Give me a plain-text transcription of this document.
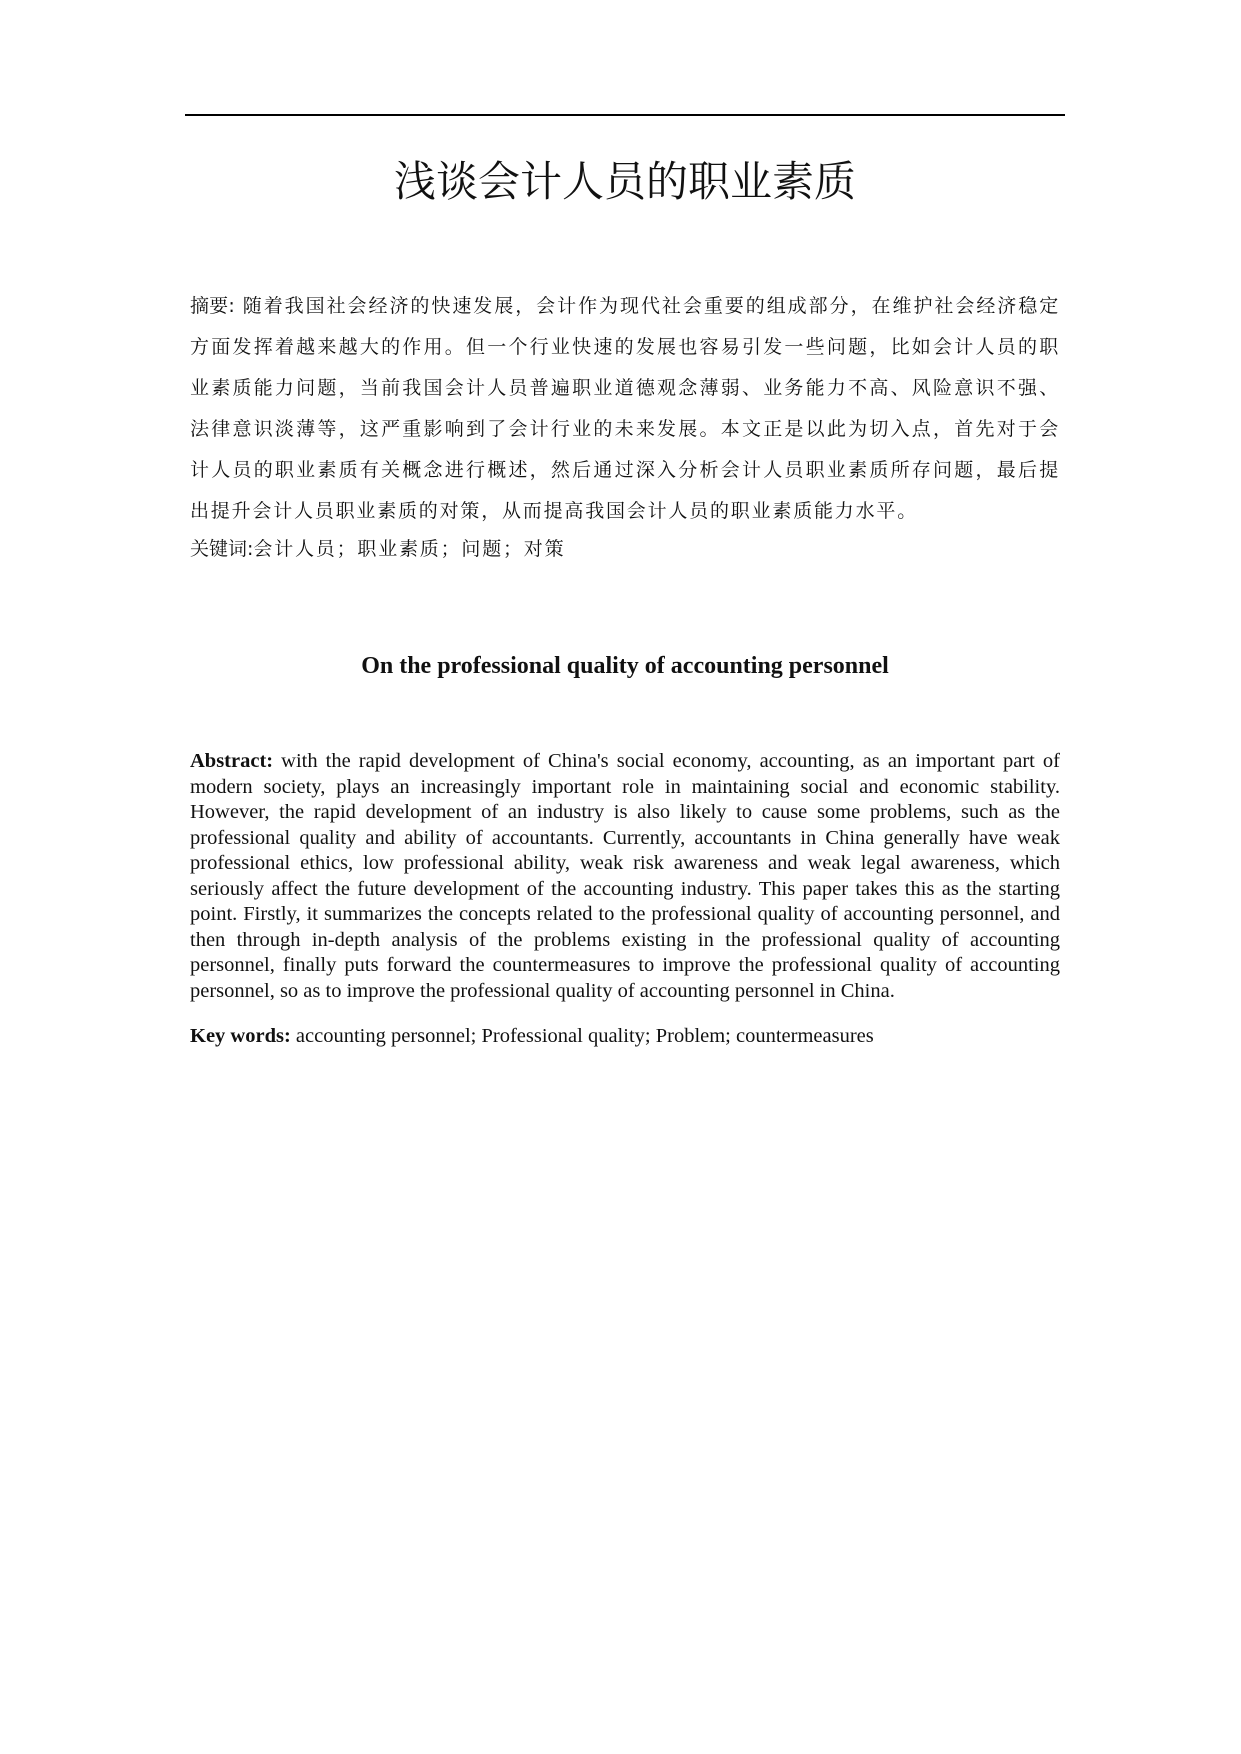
浅谈会计人员的职业素质
摘要: 随着我国社会经济的快速发展，会计作为现代社会重要的组成部分，在维护社会经济稳定方面发挥着越来越大的作用。但一个行业快速的发展也容易引发一些问题，比如会计人员的职业素质能力问题，当前我国会计人员普遍职业道德观念薄弱、业务能力不高、风险意识不强、法律意识淡薄等，这严重影响到了会计行业的未来发展。本文正是以此为切入点，首先对于会计人员的职业素质有关概念进行概述，然后通过深入分析会计人员职业素质所存问题，最后提出提升会计人员职业素质的对策，从而提高我国会计人员的职业素质能力水平。
关键词:会计人员；职业素质；问题；对策
On the professional quality of accounting personnel
Abstract: with the rapid development of China's social economy, accounting, as an important part of modern society, plays an increasingly important role in maintaining social and economic stability. However, the rapid development of an industry is also likely to cause some problems, such as the professional quality and ability of accountants. Currently, accountants in China generally have weak professional ethics, low professional ability, weak risk awareness and weak legal awareness, which seriously affect the future development of the accounting industry. This paper takes this as the starting point. Firstly, it summarizes the concepts related to the professional quality of accounting personnel, and then through in-depth analysis of the problems existing in the professional quality of accounting personnel, finally puts forward the countermeasures to improve the professional quality of accounting personnel, so as to improve the professional quality of accounting personnel in China.
Key words: accounting personnel; Professional quality; Problem; countermeasures
